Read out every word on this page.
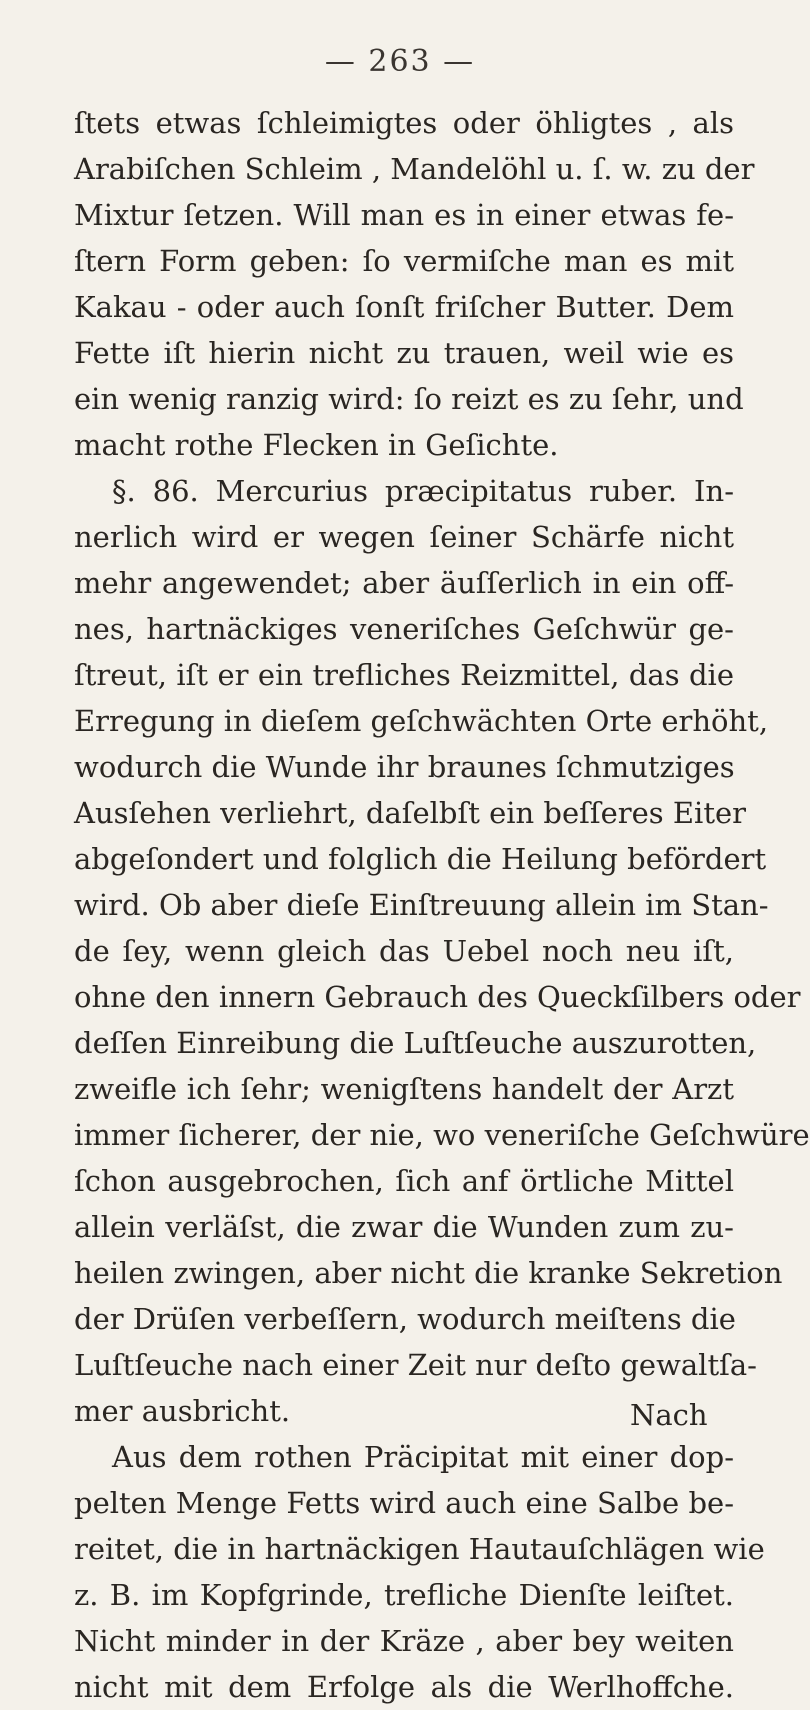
— 263 —
ſtets etwas ſchleimigtes oder öhligtes , als
Arabiſchen Schleim , Mandelöhl u. ſ. w. zu der
Mixtur ſetzen. Will man es in einer etwas fe-
ſtern Form geben: ſo vermiſche man es mit
Kakau - oder auch ſonſt friſcher Butter. Dem
Fette iſt hierin nicht zu trauen, weil wie es
ein wenig ranzig wird: ſo reizt es zu ſehr, und
macht rothe Flecken in Geſichte.
§. 86. Mercurius præcipitatus ruber. In-
nerlich wird er wegen ſeiner Schärfe nicht
mehr angewendet; aber äuſſerlich in ein off-
nes, hartnäckiges veneriſches Geſchwür ge-
ſtreut, iſt er ein trefliches Reizmittel, das die
Erregung in dieſem geſchwächten Orte erhöht,
wodurch die Wunde ihr braunes ſchmutziges
Ausſehen verliehrt, daſelbſt ein beſſeres Eiter
abgeſondert und folglich die Heilung befördert
wird. Ob aber dieſe Einſtreuung allein im Stan-
de ſey, wenn gleich das Uebel noch neu iſt,
ohne den innern Gebrauch des Queckſilbers oder
deſſen Einreibung die Luſtſeuche auszurotten,
zweifle ich ſehr; wenigſtens handelt der Arzt
immer ſicherer, der nie, wo veneriſche Geſchwüre
ſchon ausgebrochen, ſich anf örtliche Mittel
allein verläſst, die zwar die Wunden zum zu-
heilen zwingen, aber nicht die kranke Sekretion
der Drüſen verbeſſern, wodurch meiſtens die
Luſtſeuche nach einer Zeit nur deſto gewaltſa-
mer ausbricht.
Aus dem rothen Präcipitat mit einer dop-
pelten Menge Fetts wird auch eine Salbe be-
reitet, die in hartnäckigen Hautauſchlägen wie
z. B. im Kopfgrinde, trefliche Dienſte leiſtet.
Nicht minder in der Kräze , aber bey weiten
nicht mit dem Erfolge als die Werlhoffche.
Nach
